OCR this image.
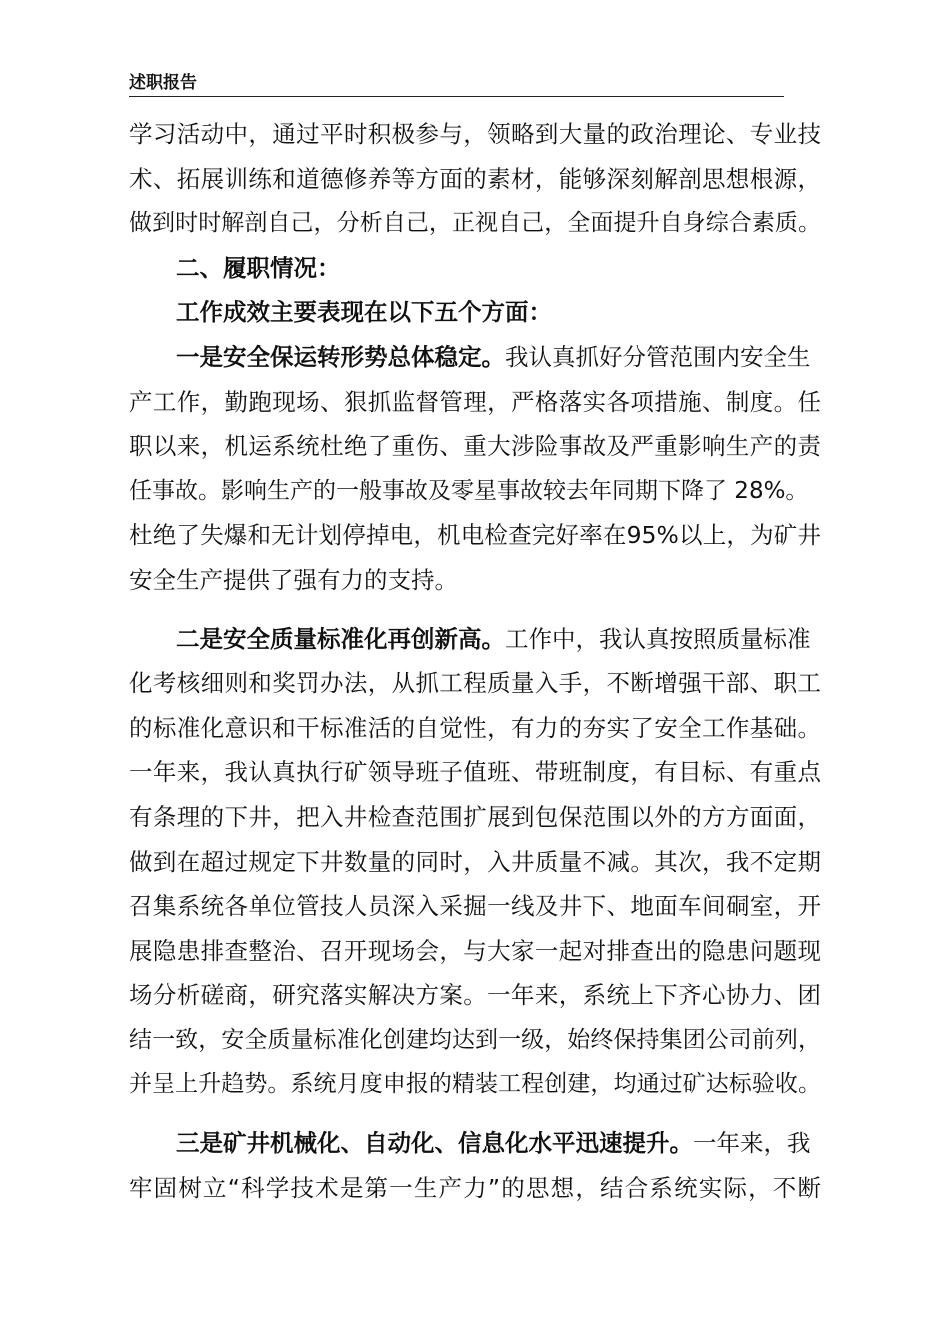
述职报告
学习活动中，通过平时积极参与，领略到大量的政治理论、专业技
术、拓展训练和道德修养等方面的素材，能够深刻解剖思想根源，
做到时时解剖自己，分析自己，正视自己，全面提升自身综合素质。
二、履职情况：
工作成效主要表现在以下五个方面：
一是安全保运转形势总体稳定。我认真抓好分管范围内安全生
产工作，勤跑现场、狠抓监督管理，严格落实各项措施、制度。任
职以来，机运系统杜绝了重伤、重大涉险事故及严重影响生产的责
任事故。影响生产的一般事故及零星事故较去年同期下降了 28%。
杜绝了失爆和无计划停掉电，机电检查完好率在95%以上，为矿井
安全生产提供了强有力的支持。
二是安全质量标准化再创新高。工作中，我认真按照质量标准
化考核细则和奖罚办法，从抓工程质量入手，不断增强干部、职工
的标准化意识和干标准活的自觉性，有力的夯实了安全工作基础。
一年来，我认真执行矿领导班子值班、带班制度，有目标、有重点
有条理的下井，把入井检查范围扩展到包保范围以外的方方面面，
做到在超过规定下井数量的同时，入井质量不减。其次，我不定期
召集系统各单位管技人员深入采掘一线及井下、地面车间硐室，开
展隐患排查整治、召开现场会，与大家一起对排查出的隐患问题现
场分析磋商，研究落实解决方案。一年来，系统上下齐心协力、团
结一致，安全质量标准化创建均达到一级，始终保持集团公司前列，
并呈上升趋势。系统月度申报的精装工程创建，均通过矿达标验收。
三是矿井机械化、自动化、信息化水平迅速提升。一年来，我
牢固树立“科学技术是第一生产力”的思想，结合系统实际，不断
